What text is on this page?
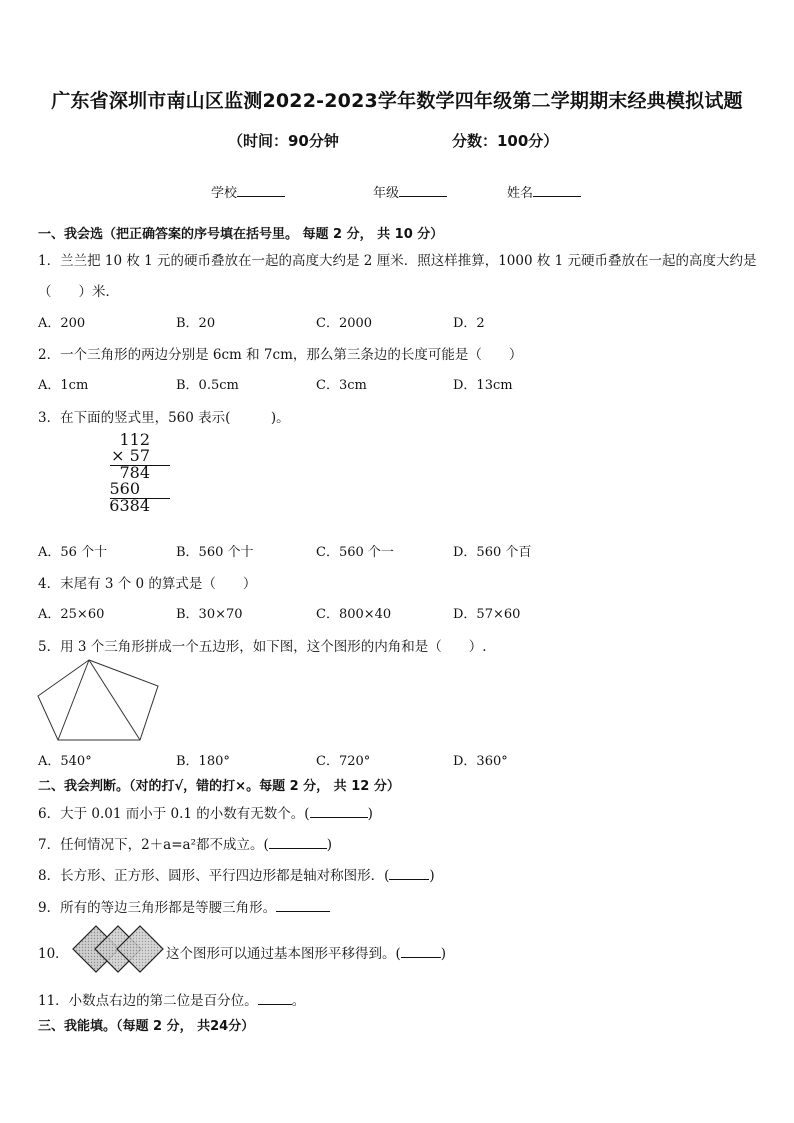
广东省深圳市南山区监测2022-2023学年数学四年级第二学期期末经典模拟试题
（时间：90分钟	分数：100分）
学校	年级	姓名
一、我会选（把正确答案的序号填在括号里。 每题 2 分， 共 10 分）
1．兰兰把 10 枚 1 元的硬币叠放在一起的高度大约是 2 厘米．照这样推算，1000 枚 1 元硬币叠放在一起的高度大约是
（　　）米．
A．200	B．20	C．2000	D．2
2．一个三角形的两边分别是 6cm 和 7cm，那么第三条边的长度可能是（　　）
A．1cm	B．0.5cm	C．3cm	D．13cm
3．在下面的竖式里，560 表示(　　　)。
112
× 57
784
560
6384
A．56 个十	B．560 个十	C．560 个一	D．560 个百
4．末尾有 3 个 0 的算式是（　　）
A．25×60	B．30×70	C．800×40	D．57×60
5．用 3 个三角形拼成一个五边形，如下图，这个图形的内角和是（　　）.
A．540°	B．180°	C．720°	D．360°
二、我会判断。（对的打√，错的打×。每题 2 分， 共 12 分）
6．大于 0.01 而小于 0.1 的小数有无数个。(	)
7．任何情况下，2＋a=a²都不成立。(	)
8．长方形、正方形、圆形、平行四边形都是轴对称图形．(	)
9．所有的等边三角形都是等腰三角形。
10．	这个图形可以通过基本图形平移得到。(	)
11．小数点右边的第二位是百分位。	。
三、我能填。（每题 2 分， 共24分）
